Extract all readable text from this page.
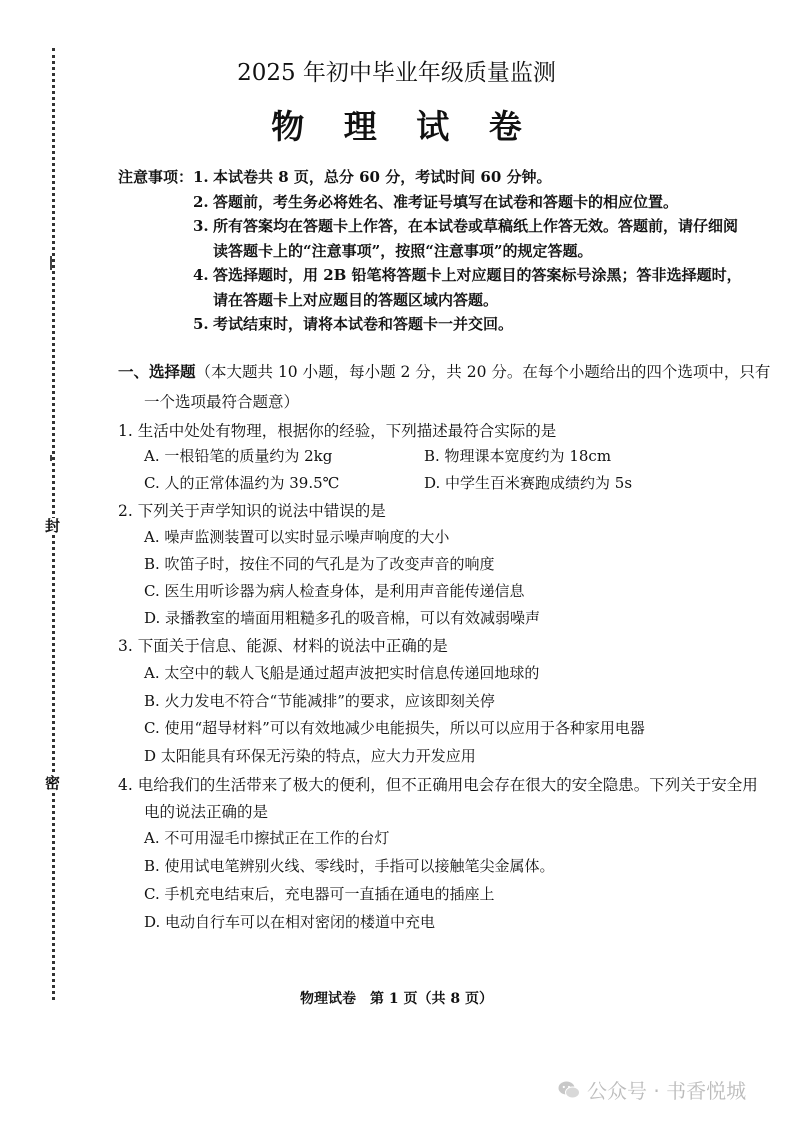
封
密
2025 年初中毕业年级质量监测
物 理 试 卷
注意事项： 1. 本试卷共 8 页，总分 60 分，考试时间 60 分钟。
2. 答题前，考生务必将姓名、准考证号填写在试卷和答题卡的相应位置。
3. 所有答案均在答题卡上作答，在本试卷或草稿纸上作答无效。答题前，请仔细阅
读答题卡上的“注意事项”，按照“注意事项”的规定答题。
4. 答选择题时，用 2B 铅笔将答题卡上对应题目的答案标号涂黑；答非选择题时，
请在答题卡上对应题目的答题区域内答题。
5. 考试结束时，请将本试卷和答题卡一并交回。
一、选择题（本大题共 10 小题，每小题 2 分，共 20 分。在每个小题给出的四个选项中，只有
一个选项最符合题意）
1. 生活中处处有物理，根据你的经验，下列描述最符合实际的是
A. 一根铅笔的质量约为 2kg	B. 物理课本宽度约为 18cm
C. 人的正常体温约为 39.5℃	D. 中学生百米赛跑成绩约为 5s
2. 下列关于声学知识的说法中错误的是
A. 噪声监测装置可以实时显示噪声响度的大小
B. 吹笛子时，按住不同的气孔是为了改变声音的响度
C. 医生用听诊器为病人检查身体，是利用声音能传递信息
D. 录播教室的墙面用粗糙多孔的吸音棉，可以有效减弱噪声
3. 下面关于信息、能源、材料的说法中正确的是
A. 太空中的载人飞船是通过超声波把实时信息传递回地球的
B. 火力发电不符合“节能减排”的要求，应该即刻关停
C. 使用“超导材料”可以有效地减少电能损失，所以可以应用于各种家用电器
D 太阳能具有环保无污染的特点，应大力开发应用
4. 电给我们的生活带来了极大的便利，但不正确用电会存在很大的安全隐患。下列关于安全用
电的说法正确的是
A. 不可用湿毛巾擦拭正在工作的台灯
B. 使用试电笔辨别火线、零线时，手指可以接触笔尖金属体。
C. 手机充电结束后，充电器可一直插在通电的插座上
D. 电动自行车可以在相对密闭的楼道中充电
物理试卷　第 1 页（共 8 页）
公众号 · 书香悦城
